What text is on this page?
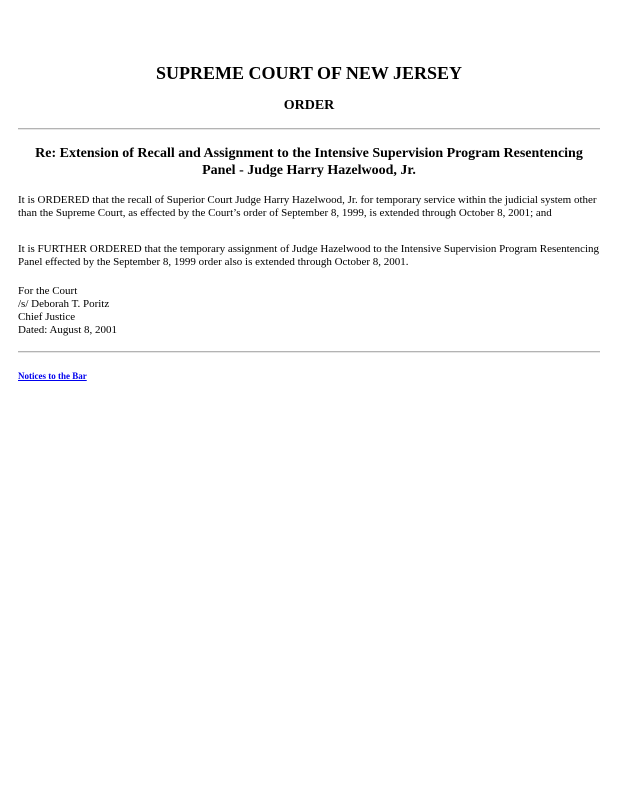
SUPREME COURT OF NEW JERSEY
ORDER
Re: Extension of Recall and Assignment to the Intensive Supervision Program Resentencing Panel - Judge Harry Hazelwood, Jr.

It is ORDERED that the recall of Superior Court Judge Harry Hazelwood, Jr. for temporary service within the judicial system other than the Supreme Court, as effected by the Court’s order of September 8, 1999, is extended through October 8, 2001; and

It is FURTHER ORDERED that the temporary assignment of Judge Hazelwood to the Intensive Supervision Program Resentencing Panel effected by the September 8, 1999 order also is extended through October 8, 2001.

For the Court
/s/ Deborah T. Poritz
Chief Justice
Dated: August 8, 2001
Notices to the Bar
